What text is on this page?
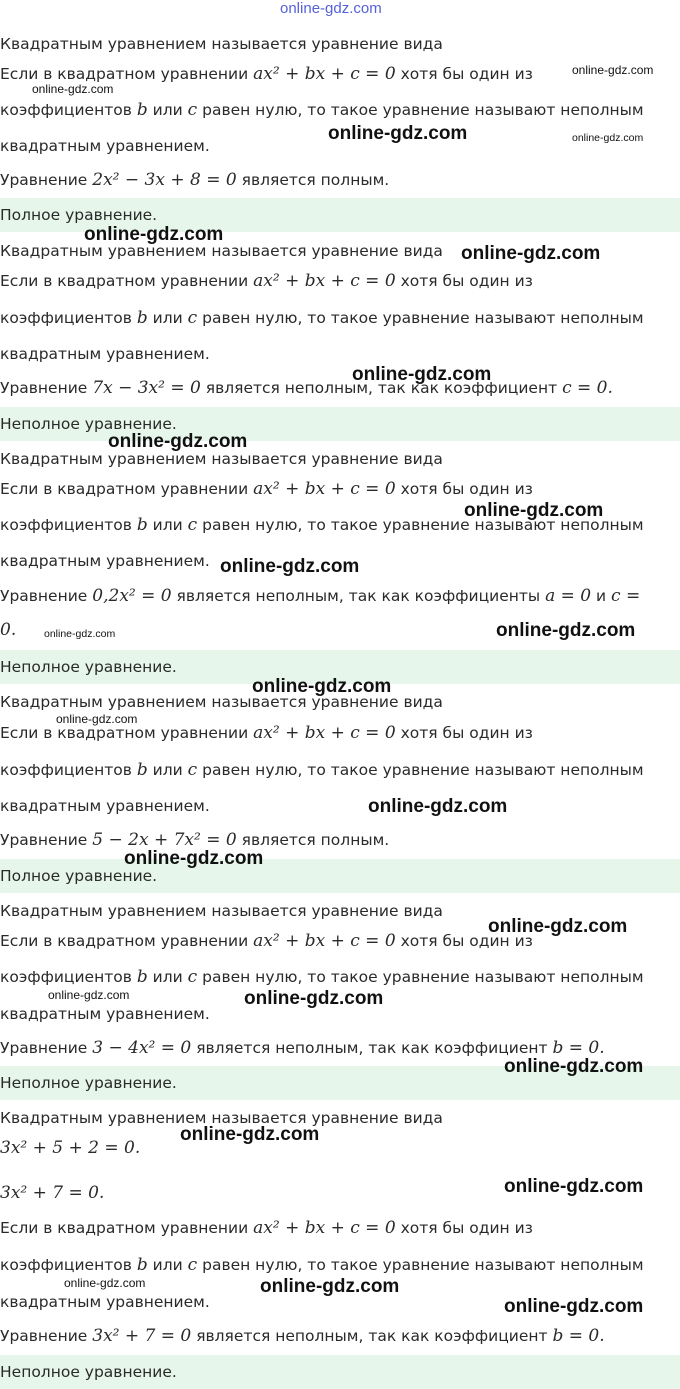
online-gdz.com
Квадратным уравнением называется уравнение вида
Если в квадратном уравнении ax² + bx + c = 0 хотя бы один из
коэффициентов b или c равен нулю, то такое уравнение называют неполным
квадратным уравнением.
Уравнение 2x² − 3x + 8 = 0 является полным.
Полное уравнение.
Квадратным уравнением называется уравнение вида
Если в квадратном уравнении ax² + bx + c = 0 хотя бы один из
коэффициентов b или c равен нулю, то такое уравнение называют неполным
квадратным уравнением.
Уравнение 7x − 3x² = 0 является неполным, так как коэффициент c = 0.
Неполное уравнение.
Квадратным уравнением называется уравнение вида
Если в квадратном уравнении ax² + bx + c = 0 хотя бы один из
коэффициентов b или c равен нулю, то такое уравнение называют неполным
квадратным уравнением.
Уравнение 0,2x² = 0 является неполным, так как коэффициенты a = 0 и c =
0.
Неполное уравнение.
Квадратным уравнением называется уравнение вида
Если в квадратном уравнении ax² + bx + c = 0 хотя бы один из
коэффициентов b или c равен нулю, то такое уравнение называют неполным
квадратным уравнением.
Уравнение 5 − 2x + 7x² = 0 является полным.
Полное уравнение.
Квадратным уравнением называется уравнение вида
Если в квадратном уравнении ax² + bx + c = 0 хотя бы один из
коэффициентов b или c равен нулю, то такое уравнение называют неполным
квадратным уравнением.
Уравнение 3 − 4x² = 0 является неполным, так как коэффициент b = 0.
Неполное уравнение.
Квадратным уравнением называется уравнение вида
3x² + 5 + 2 = 0.
3x² + 7 = 0.
Если в квадратном уравнении ax² + bx + c = 0 хотя бы один из
коэффициентов b или c равен нулю, то такое уравнение называют неполным
квадратным уравнением.
Уравнение 3x² + 7 = 0 является неполным, так как коэффициент b = 0.
Неполное уравнение.
online-gdz.com
online-gdz.com
online-gdz.com	online-gdz.com
online-gdz.com
online-gdz.com
online-gdz.com
online-gdz.com
online-gdz.com
online-gdz.com
online-gdz.com	online-gdz.com
online-gdz.com
online-gdz.com
online-gdz.com
online-gdz.com
online-gdz.com
online-gdz.com	online-gdz.com
online-gdz.com
online-gdz.com
online-gdz.com
online-gdz.com	online-gdz.com
online-gdz.com
